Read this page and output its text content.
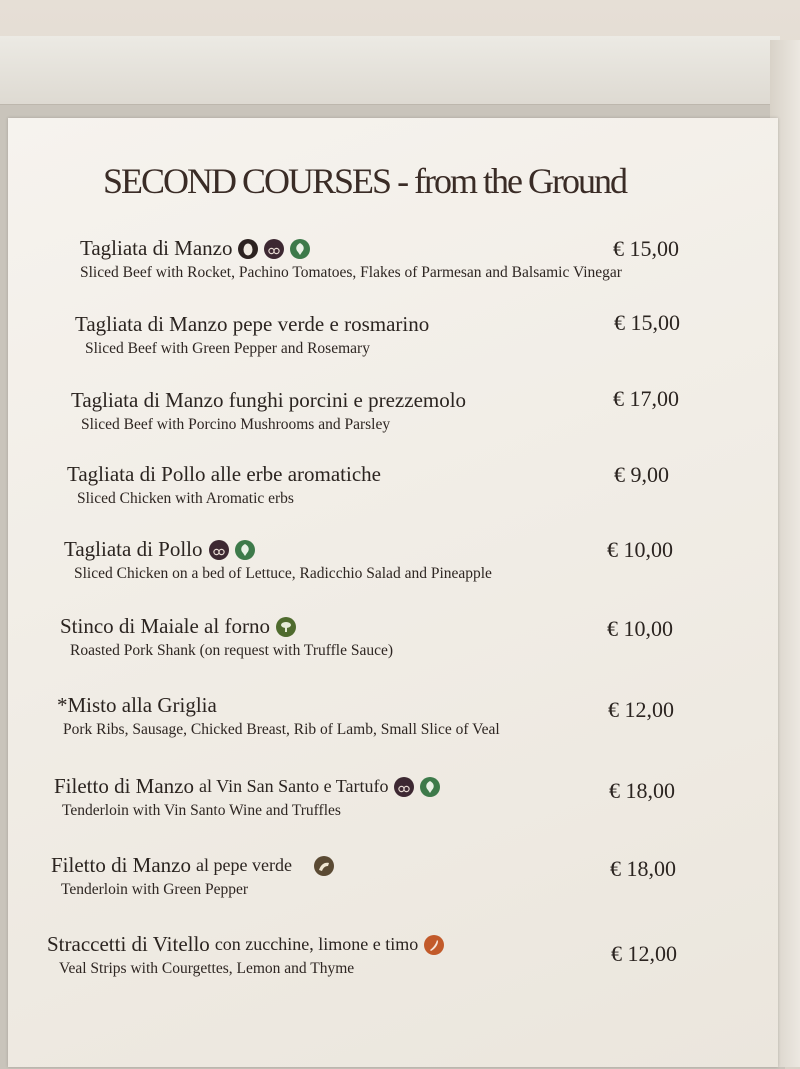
SECOND COURSES - from the Ground
Tagliata di Manzo
Sliced Beef with Rocket, Pachino Tomatoes, Flakes of Parmesan and Balsamic Vinegar
€ 15,00
Tagliata di Manzo pepe verde e rosmarino
Sliced Beef with Green Pepper and Rosemary
€ 15,00
Tagliata di Manzo funghi porcini e prezzemolo
Sliced Beef with Porcino Mushrooms and Parsley
€ 17,00
Tagliata di Pollo alle erbe aromatiche
Sliced Chicken with Aromatic erbs
€ 9,00
Tagliata di Pollo
Sliced Chicken on a bed of Lettuce, Radicchio Salad and Pineapple
€ 10,00
Stinco di Maiale al forno
Roasted Pork Shank (on request with Truffle Sauce)
€ 10,00
*Misto alla Griglia
Pork Ribs, Sausage, Chicked Breast, Rib of Lamb, Small Slice of Veal
€ 12,00
Filetto di Manzo al Vin San Santo e Tartufo
Tenderloin with Vin Santo Wine and Truffles
€ 18,00
Filetto di Manzo al pepe verde
Tenderloin with Green Pepper
€ 18,00
Straccetti di Vitello con zucchine, limone e timo
Veal Strips with Courgettes, Lemon and Thyme
€ 12,00
